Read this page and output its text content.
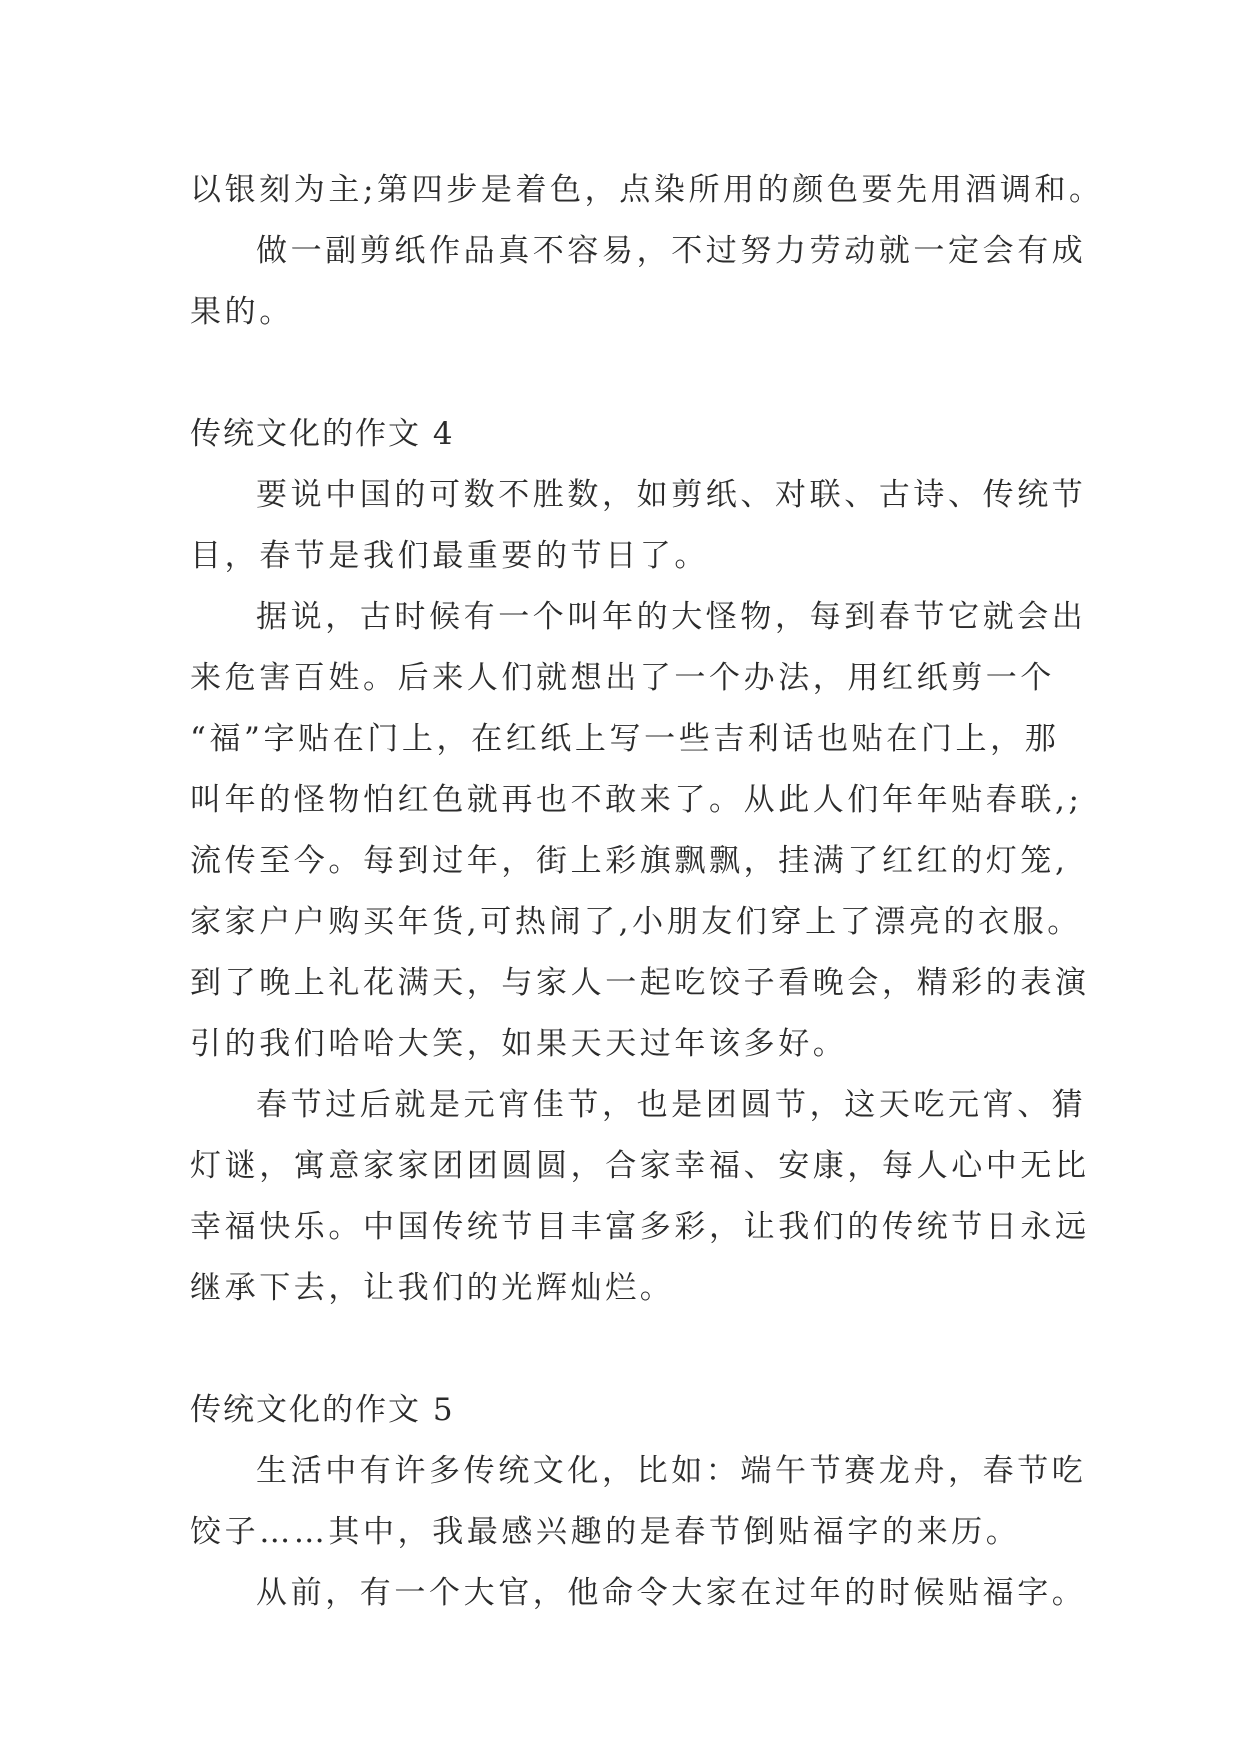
以银刻为主;第四步是着色，点染所用的颜色要先用酒调和。
做一副剪纸作品真不容易，不过努力劳动就一定会有成
果的。
传统文化的作文 4
要说中国的可数不胜数，如剪纸、对联、古诗、传统节
目，春节是我们最重要的节日了。
据说，古时候有一个叫年的大怪物，每到春节它就会出
来危害百姓。后来人们就想出了一个办法，用红纸剪一个
“福”字贴在门上，在红纸上写一些吉利话也贴在门上，那
叫年的怪物怕红色就再也不敢来了。从此人们年年贴春联,;
流传至今。每到过年，街上彩旗飘飘，挂满了红红的灯笼,
家家户户购买年货,可热闹了,小朋友们穿上了漂亮的衣服。
到了晚上礼花满天，与家人一起吃饺子看晚会，精彩的表演
引的我们哈哈大笑，如果天天过年该多好。
春节过后就是元宵佳节，也是团圆节，这天吃元宵、猜
灯谜，寓意家家团团圆圆，合家幸福、安康，每人心中无比
幸福快乐。中国传统节目丰富多彩，让我们的传统节日永远
继承下去，让我们的光辉灿烂。
传统文化的作文 5
生活中有许多传统文化，比如：端午节赛龙舟，春节吃
饺子……其中，我最感兴趣的是春节倒贴福字的来历。
从前，有一个大官，他命令大家在过年的时候贴福字。
